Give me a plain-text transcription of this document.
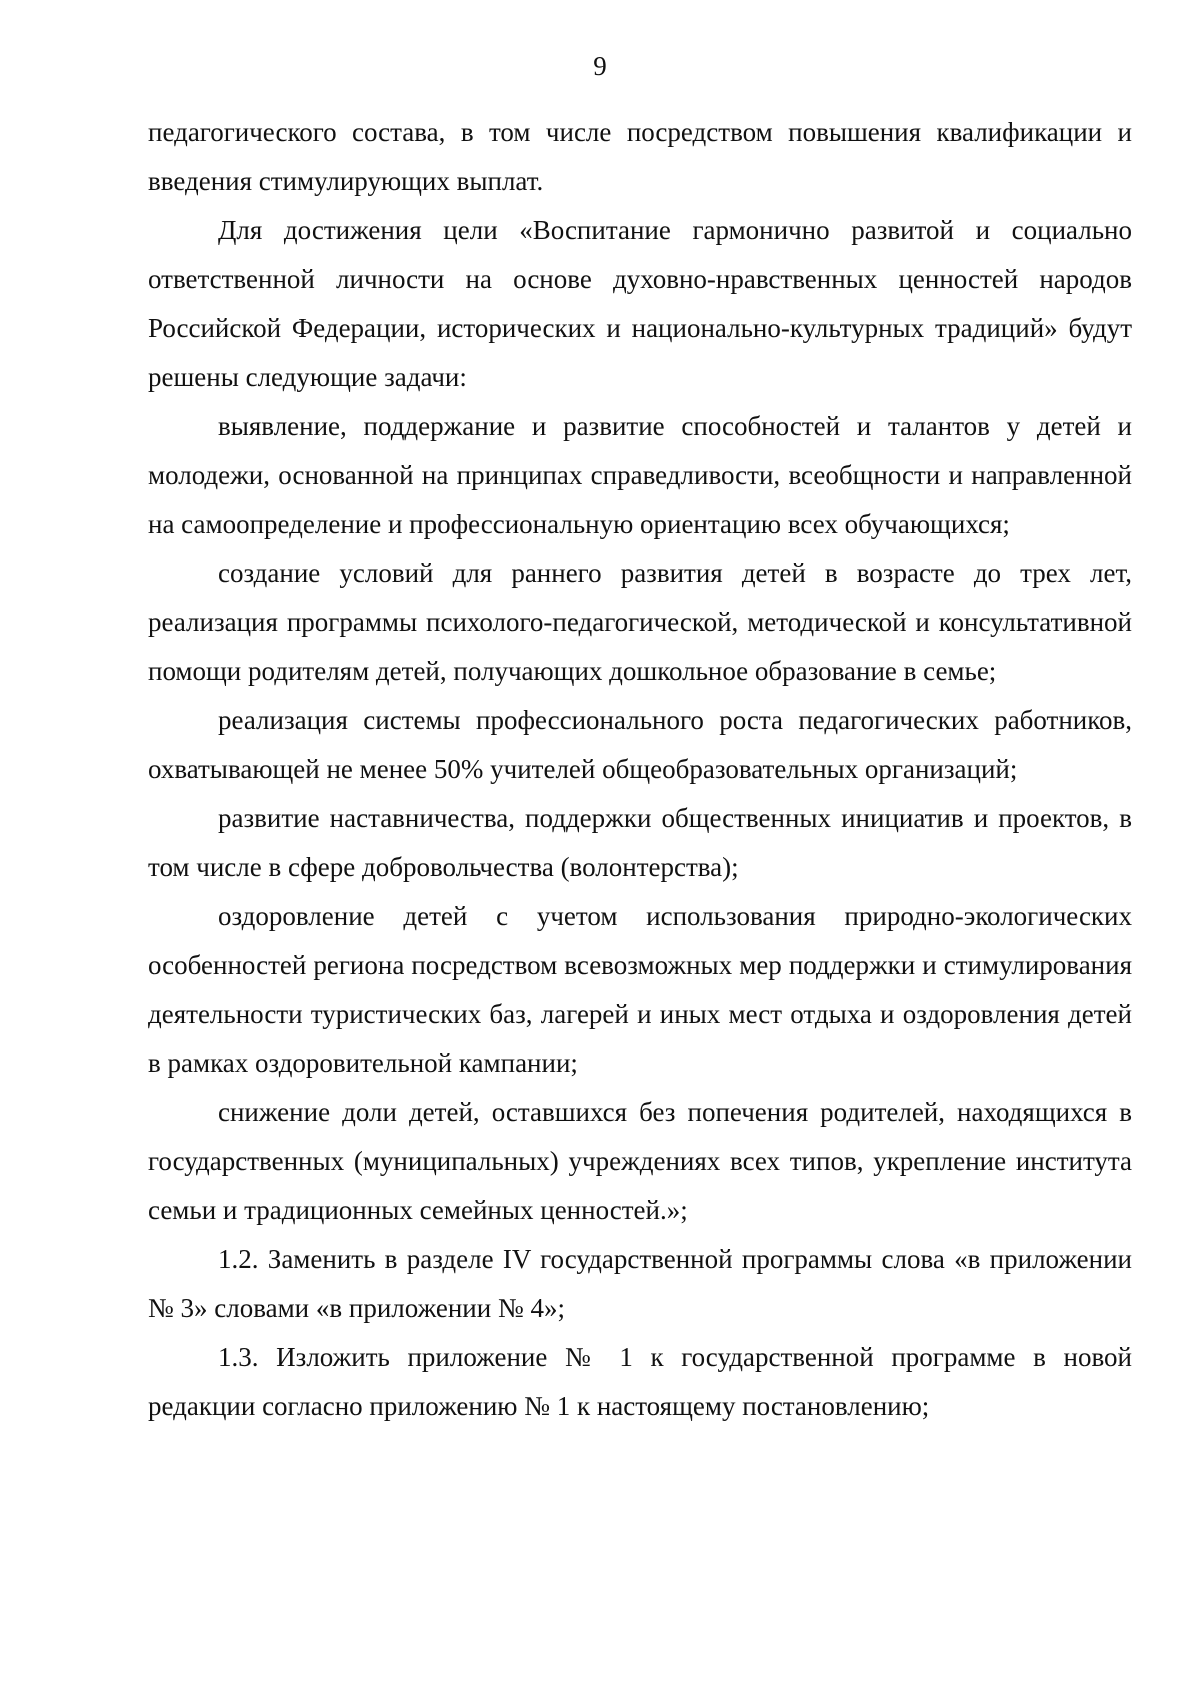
9

педагогического состава, в том числе посредством повышения квалификации и введения стимулирующих выплат.

Для достижения цели «Воспитание гармонично развитой и социально ответственной личности на основе духовно-нравственных ценностей народов Российской Федерации, исторических и национально-культурных традиций» будут решены следующие задачи:

выявление, поддержание и развитие способностей и талантов у детей и молодежи, основанной на принципах справедливости, всеобщности и направленной на самоопределение и профессиональную ориентацию всех обучающихся;

создание условий для раннего развития детей в возрасте до трех лет, реализация программы психолого-педагогической, методической и консультативной помощи родителям детей, получающих дошкольное образование в семье;

реализация системы профессионального роста педагогических работников, охватывающей не менее 50% учителей общеобразовательных организаций;

развитие наставничества, поддержки общественных инициатив и проектов, в том числе в сфере добровольчества (волонтерства);

оздоровление детей с учетом использования природно-экологических особенностей региона посредством всевозможных мер поддержки и стимулирования деятельности туристических баз, лагерей и иных мест отдыха и оздоровления детей в рамках оздоровительной кампании;

снижение доли детей, оставшихся без попечения родителей, находящихся в государственных (муниципальных) учреждениях всех типов, укрепление института семьи и традиционных семейных ценностей.»;

1.2. Заменить в разделе IV государственной программы слова «в приложении № 3» словами «в приложении № 4»;

1.3. Изложить приложение № 1 к государственной программе в новой редакции согласно приложению № 1 к настоящему постановлению;
